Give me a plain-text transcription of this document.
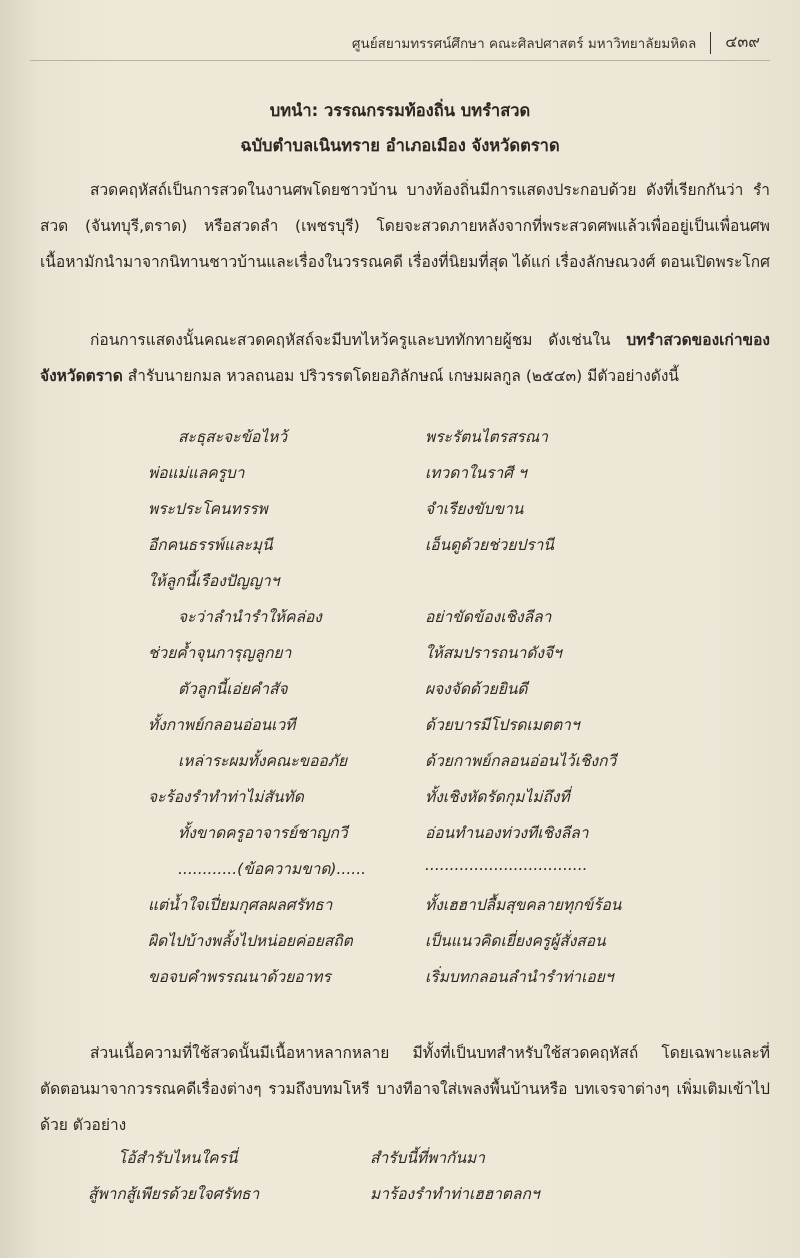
ศูนย์สยามทรรศน์ศึกษา คณะศิลปศาสตร์ มหาวิทยาลัยมหิดล ๔๓๙
บทนำ: วรรณกรรมท้องถิ่น บทรำสวด
ฉบับตำบลเนินทราย อำเภอเมือง จังหวัดตราด
สวดคฤหัสถ์เป็นการสวดในงานศพโดยชาวบ้าน บางท้องถิ่นมีการแสดงประกอบด้วย ดังที่เรียกกันว่า รำสวด (จันทบุรี,ตราด) หรือสวดลำ (เพชรบุรี) โดยจะสวดภายหลังจากที่พระสวดศพแล้วเพื่ออยู่เป็นเพื่อนศพ เนื้อหามักนำมาจากนิทานชาวบ้านและเรื่องในวรรณคดี เรื่องที่นิยมที่สุด ได้แก่ เรื่องลักษณวงศ์ ตอนเปิดพระโกศ
ก่อนการแสดงนั้นคณะสวดคฤหัสถ์จะมีบทไหว้ครูและบททักทายผู้ชม ดังเช่นใน บทรำสวดของเก่าของจังหวัดตราด สำรับนายกมล หวลถนอม ปริวรรตโดยอภิลักษณ์ เกษมผลกูล (๒๕๔๓) มีตัวอย่างดังนี้
สะธุสะจะข้อไหว้	พระรัตนไตรสรณา
พ่อแม่แลครูบา	เทวดาในราศี ฯ
พระประโคนทรรพ	จำเรียงขับขาน
อีกคนธรรพ์และมุนี	เอ็นดูด้วยช่วยปรานี
ให้ลูกนี้เรืองปัญญาฯ
จะว่าลำนำรำให้คล่อง	อย่าขัดข้องเชิงลีลา
ช่วยค้ำจุนการุญลูกยา	ให้สมปรารถนาดังจีฯ
ตัวลูกนี้เอ่ยคำสัจ	ผจงจัดด้วยยินดี
ทั้งกาพย์กลอนอ่อนเวที	ด้วยบารมีโปรดเมตตาฯ
เหล่าระผมทั้งคณะขออภัย	ด้วยกาพย์กลอนอ่อนไว้เชิงกวี
จะร้องรำทำท่าไม่สันทัด	ทั้งเชิงหัดรัดกุมไม่ถึงที่
ทั้งขาดครูอาจารย์ชาญกวี	อ่อนทำนองท่วงทีเชิงลีลา
............(ข้อความขาด)......	.................................
แต่น้ำใจเปี่ยมกุศลผลศรัทธา	ทั้งเฮฮาปลื้มสุขคลายทุกข์ร้อน
ผิดไปบ้างพลั้งไปหน่อยค่อยสถิต	เป็นแนวคิดเยี่ยงครูผู้สั่งสอน
ขอจบคำพรรณนาด้วยอาทร	เริ่มบทกลอนลำนำรำท่าเอยฯ
ส่วนเนื้อความที่ใช้สวดนั้นมีเนื้อหาหลากหลาย มีทั้งที่เป็นบทสำหรับใช้สวดคฤหัสถ์ โดยเฉพาะและที่ตัดตอนมาจากวรรณคดีเรื่องต่างๆ รวมถึงบทมโหรี บางทีอาจใส่เพลงพื้นบ้านหรือ บทเจรจาต่างๆ เพิ่มเติมเข้าไปด้วย ตัวอย่าง
โอ้สำรับไหนใครนี่	สำรับนี้ที่พากันมา
สู้พากสู้เพียรด้วยใจศรัทธา	มาร้องรำทำท่าเฮฮาตลกฯ
